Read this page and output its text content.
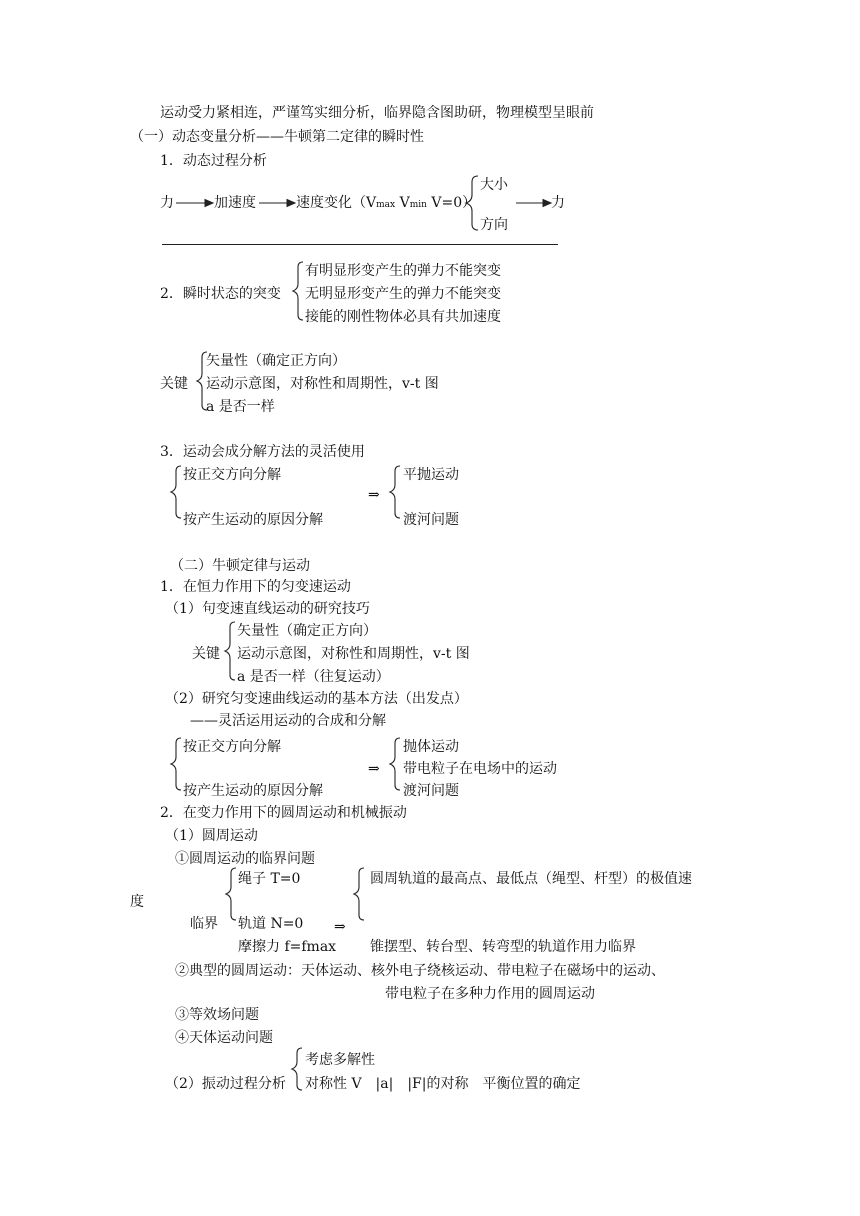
运动受力紧相连，严谨笃实细分析，临界隐含图助研，物理模型呈眼前
（一）动态变量分析——牛顿第二定律的瞬时性
1．动态过程分析
力	加速度	速度变化（Vmax Vmin V=0）
大小
方向
力
2．瞬时状态的突变
有明显形变产生的弹力不能突变
无明显形变产生的弹力不能突变
接能的刚性物体必具有共加速度
关键
矢量性（确定正方向）
运动示意图，对称性和周期性，v-t 图
a 是否一样
3．运动会成分解方法的灵活使用
按正交方向分解
按产生运动的原因分解
⇒
平抛运动
渡河问题
（二）牛顿定律与运动
1．在恒力作用下的匀变速运动
（1）句变速直线运动的研究技巧
关键
矢量性（确定正方向）
运动示意图，对称性和周期性，v-t 图
a 是否一样（往复运动）
（2）研究匀变速曲线运动的基本方法（出发点）
——灵活运用运动的合成和分解
按正交方向分解
按产生运动的原因分解
⇒
抛体运动
带电粒子在电场中的运动
渡河问题
2．在变力作用下的圆周运动和机械振动
（1）圆周运动
①圆周运动的临界问题
临界
绳子 T=0
轨道 N=0
摩擦力 f=fmax
⇒
圆周轨道的最高点、最低点（绳型、杆型）的极值速
度
锥摆型、转台型、转弯型的轨道作用力临界
②典型的圆周运动：天体运动、核外电子绕核运动、带电粒子在磁场中的运动、
带电粒子在多种力作用的圆周运动
③等效场问题
④天体运动问题
（2）振动过程分析
考虑多解性
对称性 V　|a|　|F|的对称　平衡位置的确定
